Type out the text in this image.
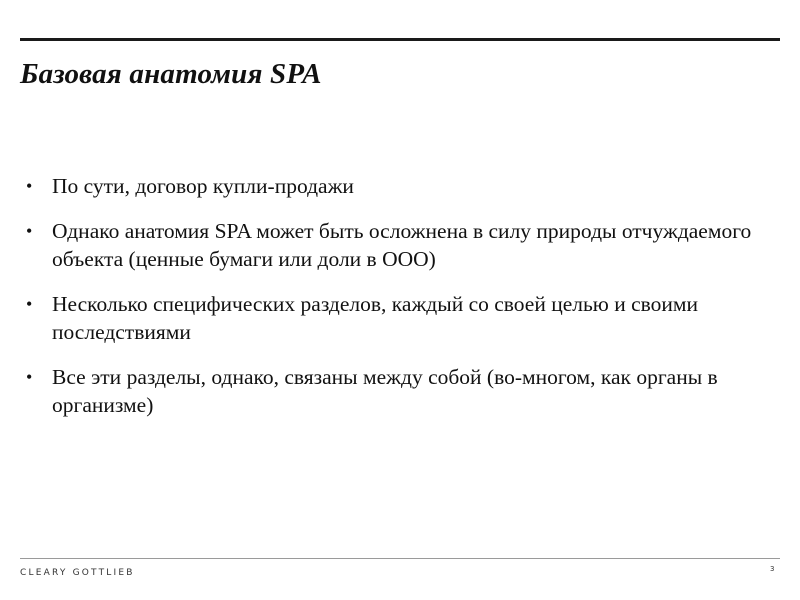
Базовая анатомия SPA
• По сути, договор купли-продажи
• Однако анатомия SPA может быть осложнена в силу природы отчуждаемого объекта (ценные бумаги или доли в ООО)
• Несколько специфических разделов, каждый со своей целью и своими последствиями
• Все эти разделы, однако, связаны между собой (во-многом, как органы в организме)
CLEARY GOTTLIEB	3
